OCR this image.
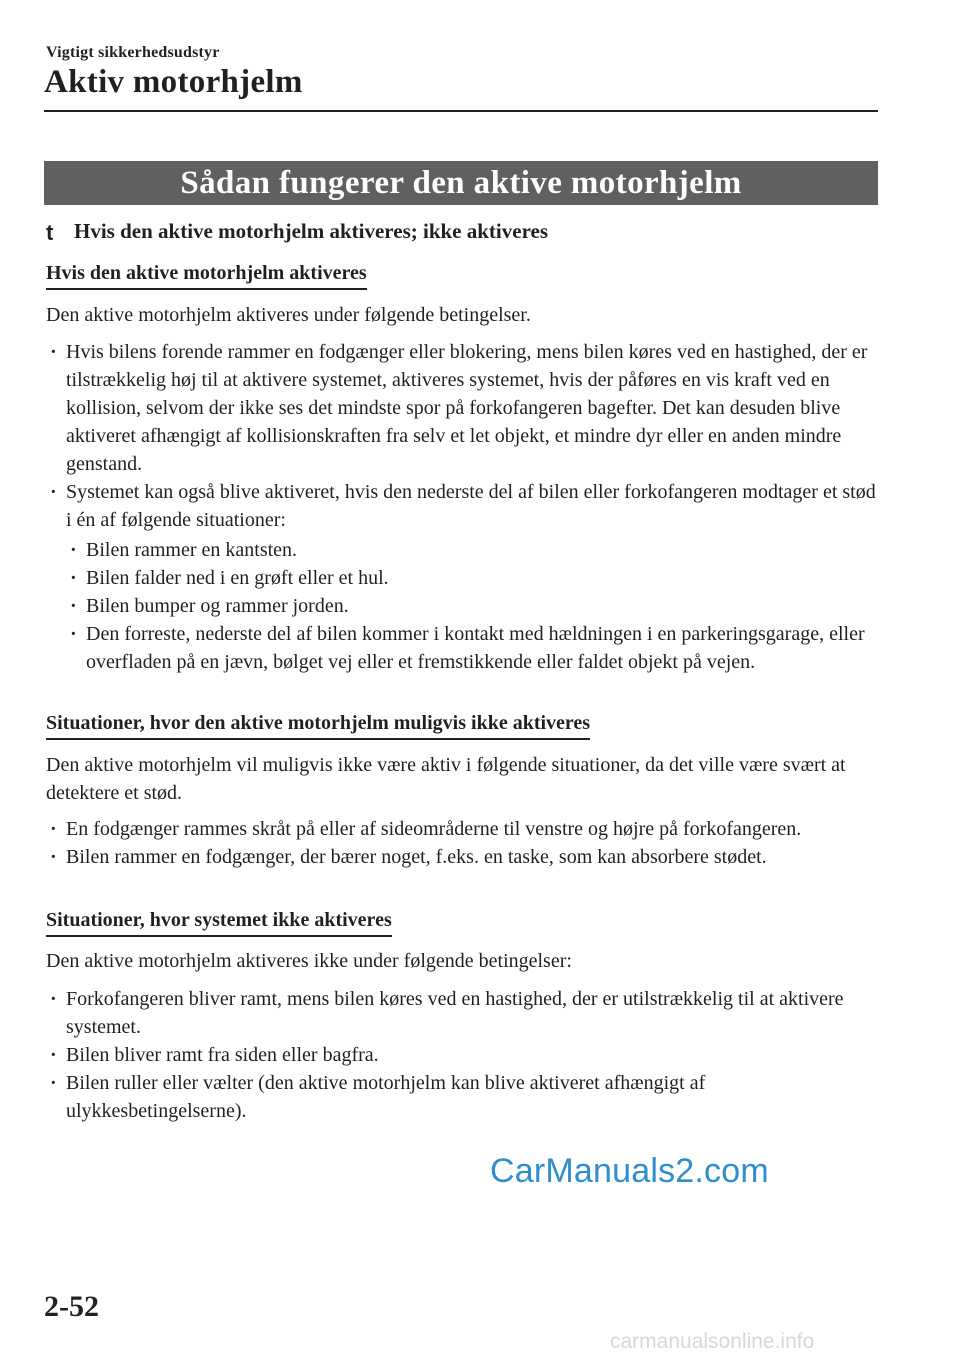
Vigtigt sikkerhedsudstyr
Aktiv motorhjelm
Sådan fungerer den aktive motorhjelm
t Hvis den aktive motorhjelm aktiveres; ikke aktiveres
Hvis den aktive motorhjelm aktiveres
Den aktive motorhjelm aktiveres under følgende betingelser.
· Hvis bilens forende rammer en fodgænger eller blokering, mens bilen køres ved en hastighed, der er tilstrækkelig høj til at aktivere systemet, aktiveres systemet, hvis der påføres en vis kraft ved en kollision, selvom der ikke ses det mindste spor på forkofangeren bagefter. Det kan desuden blive aktiveret afhængigt af kollisionskraften fra selv et let objekt, et mindre dyr eller en anden mindre genstand.
· Systemet kan også blive aktiveret, hvis den nederste del af bilen eller forkofangeren modtager et stød i én af følgende situationer:
· Bilen rammer en kantsten.
· Bilen falder ned i en grøft eller et hul.
· Bilen bumper og rammer jorden.
· Den forreste, nederste del af bilen kommer i kontakt med hældningen i en parkeringsgarage, eller overfladen på en jævn, bølget vej eller et fremstikkende eller faldet objekt på vejen.
Situationer, hvor den aktive motorhjelm muligvis ikke aktiveres
Den aktive motorhjelm vil muligvis ikke være aktiv i følgende situationer, da det ville være svært at detektere et stød.
· En fodgænger rammes skråt på eller af sideområderne til venstre og højre på forkofangeren.
· Bilen rammer en fodgænger, der bærer noget, f.eks. en taske, som kan absorbere stødet.
Situationer, hvor systemet ikke aktiveres
Den aktive motorhjelm aktiveres ikke under følgende betingelser:
· Forkofangeren bliver ramt, mens bilen køres ved en hastighed, der er utilstrækkelig til at aktivere systemet.
· Bilen bliver ramt fra siden eller bagfra.
· Bilen ruller eller vælter (den aktive motorhjelm kan blive aktiveret afhængigt af ulykkesbetingelserne).
CarManuals2.com
2-52
carmanualsonline.info
